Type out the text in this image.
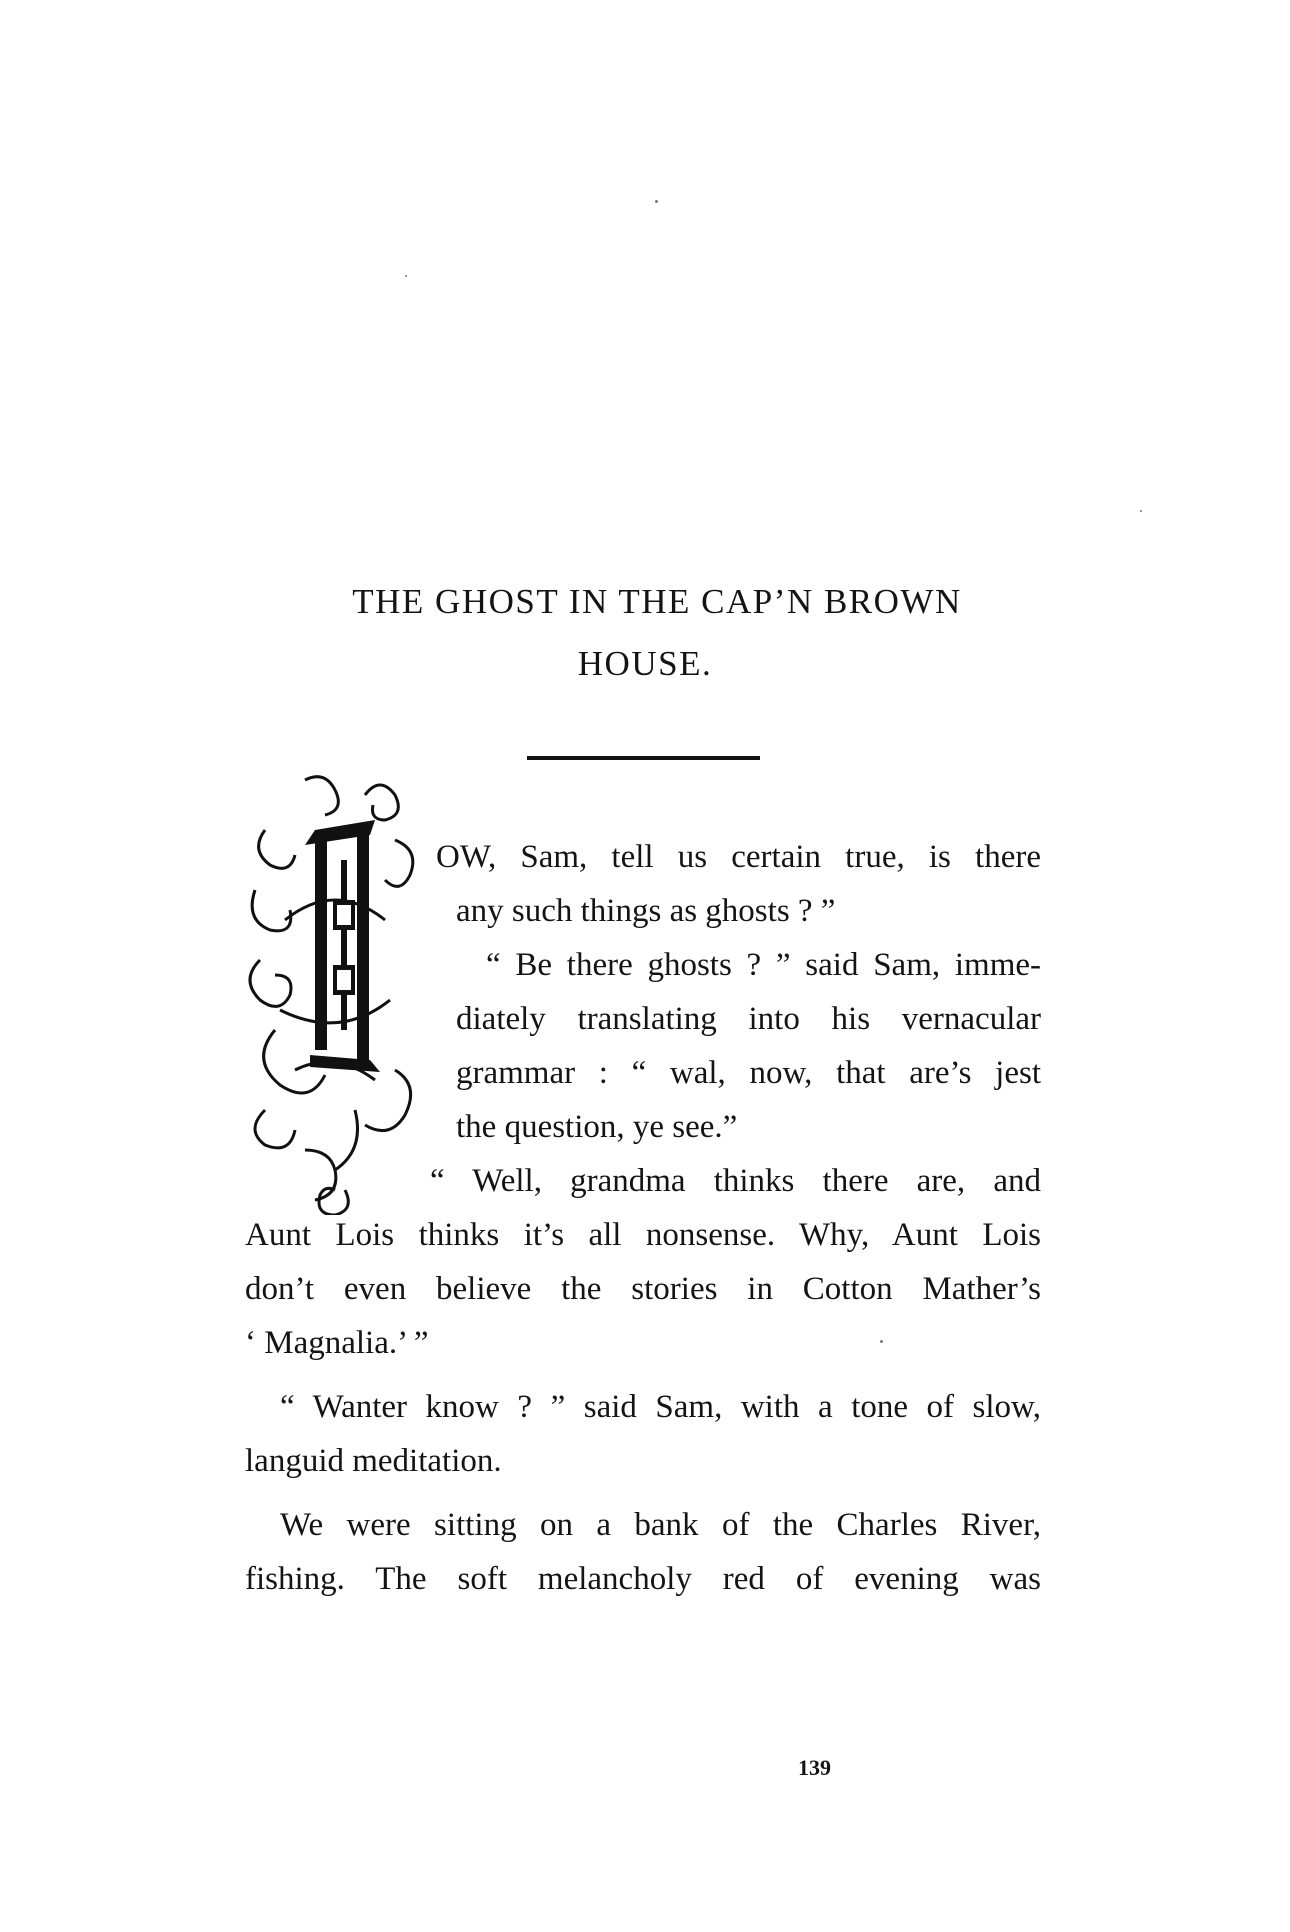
THE GHOST IN THE CAP’N BROWN
HOUSE.
OW, Sam, tell us certain true, is there
any such things as ghosts ? ”
“ Be there ghosts ? ” said Sam, imme-
diately translating into his vernacular
grammar : “ wal, now, that are’s jest
the question, ye see.”
“ Well, grandma thinks there are, and
Aunt Lois thinks it’s all nonsense. Why, Aunt Lois
don’t even believe the stories in Cotton Mather’s
‘ Magnalia.’ ”
“ Wanter know ? ” said Sam, with a tone of slow,
languid meditation.
We were sitting on a bank of the Charles River,
fishing. The soft melancholy red of evening was
139
